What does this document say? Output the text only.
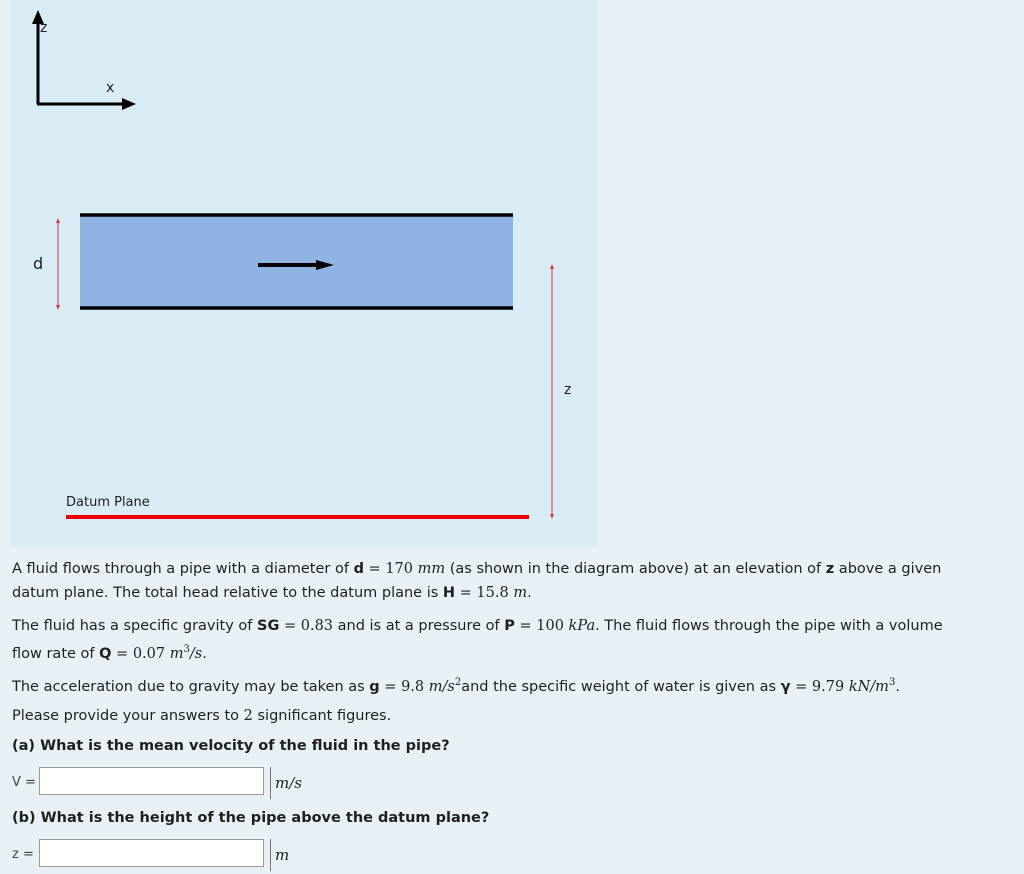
z
x
d
z
Datum Plane
A fluid flows through a pipe with a diameter of d = 170 mm (as shown in the diagram above) at an elevation of z above a given
datum plane. The total head relative to the datum plane is H = 15.8 m.
The fluid has a specific gravity of SG = 0.83 and is at a pressure of P = 100 kPa. The fluid flows through the pipe with a volume
flow rate of Q = 0.07 $m^3/s$.
The acceleration due to gravity may be taken as g = 9.8 $m/s^2and$ the specific weight of water is given as γ = 9.79 $kN/m^3$.
Please provide your answers to 2 significant figures.
(a) What is the mean velocity of the fluid in the pipe?
V =	m/s
(b) What is the height of the pipe above the datum plane?
z =	m
